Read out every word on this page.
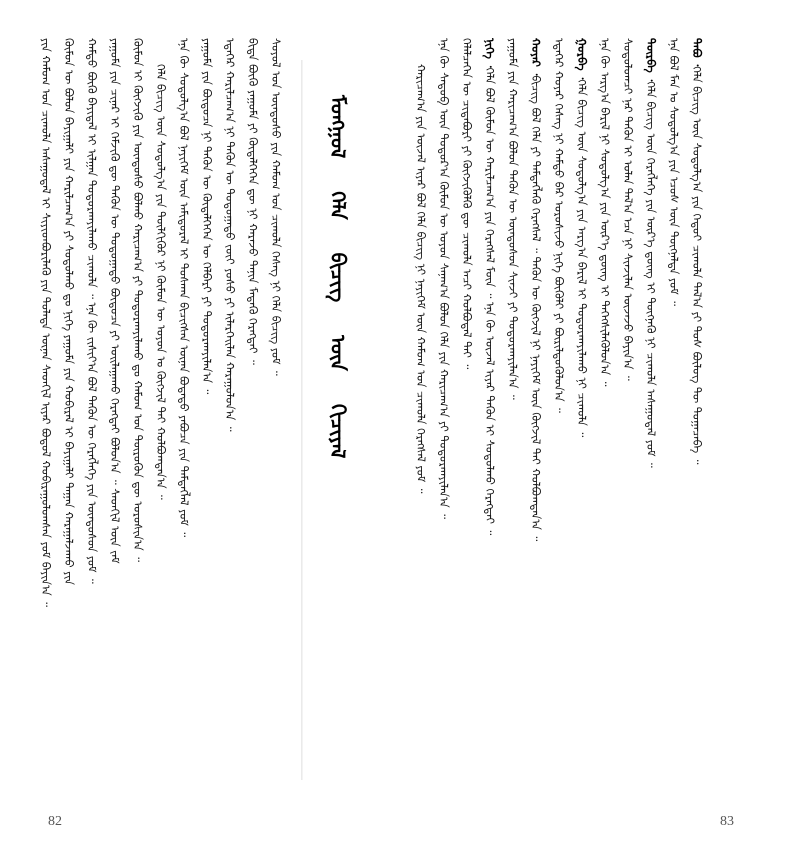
ᠶᠢᠨ ᠬᠠᠮᠤᠭ ᠤᠨ ᠴᠢᠬᠤᠯᠠ ᠠᠰᠠᠭᠤᠳᠠᠯ ᠢ ᠰᠢᠶᠢᠳᠪᠦᠷᠢᠯᠡᠬᠦ ᠶᠢᠨ ᠲᠤᠯᠠᠳᠠ ᠦᠨᠡᠨ ᠰᠡᠳᠬᠢᠯ ᠢᠶᠡᠷ ᠪᠣᠳᠤᠯ ᠬᠤᠪᠢᠷᠠᠭᠤᠯᠤᠭᠰᠠᠨ ᠶᠤᠮ ᠪᠠᠶᠢᠨ᠎ᠠ ᠃ ᠬᠦᠮᠦᠨ ᠦ ᠪᠣᠯᠤᠨ ᠪᠠᠶᠢᠭᠠᠯᠢ ᠶᠢᠨ ᠬᠠᠷᠢᠯᠴᠠᠭ᠎ᠠ ᠶᠢ ᠰᠤᠳᠤᠯᠬᠤ ᠳᠤ ᠨᠢᠭᠡ ᠶᠠᠭᠤᠮᠠ ᠶᠢᠨ ᠬᠤᠪᠢᠷᠠᠯ ᠢ ᠪᠠᠶᠢᠭᠠᠯᠢ ᠳᠠᠭᠠᠨ ᠬᠠᠷᠠᠭᠠᠯᠵᠠᠬᠤ ᠶᠢᠨ ᠬᠠᠮᠲᠤ ᠪᠦᠬᠦ ᠪᠠᠶᠢᠳᠠᠯ ᠢ ᠢᠯᠭᠠᠨ ᠲᠣᠳᠤᠷᠬᠠᠶᠢᠯᠠᠬᠤ ᠴᠢᠬᠤᠯᠠ ᠃ ᠡᠨᠡ ᠬᠦ ᠵᠢᠱᠢᠶ᠎ᠠ ᠪᠣᠯ ᠲᠡᠭᠦᠨ ᠦ ᠬᠡᠷᠡᠭᠯᠡᠭᠡ ᠶᠢᠨ ᠦᠨᠳᠦᠰᠦᠨ ᠶᠤᠮ ᠃ ᠶᠠᠭᠤᠮᠠ ᠶᠢᠨ ᠴᠢᠨᠠᠷ ᠢ ᠬᠡᠮᠵᠢᠬᠦ ᠳᠦ ᠲᠡᠭᠦᠨ ᠦ ᠳᠣᠲᠣᠭᠠᠳᠤ ᠪᠦᠲᠦᠴᠡ ᠶᠢ ᠣᠢᠯᠠᠭᠠᠬᠤ ᠬᠡᠷᠡᠭᠲᠡᠢ ᠪᠣᠯᠤᠨ᠎ᠠ ᠃ ᠰᠡᠳᠬᠢᠯ ᠦᠨ ᠵᠠᠮ ᠬᠦᠮᠦᠨ ᠢ ᠬᠥᠭᠵᠢᠬᠦ ᠶᠢᠨ ᠦᠨᠳᠦᠰᠦ ᠪᠣᠯᠬᠤ ᠬᠠᠷᠢᠴᠠᠭ᠎ᠠ ᠶᠢ ᠲᠣᠳᠤᠷᠬᠠᠶᠢᠯᠠᠬᠤ ᠳᠤ ᠬᠠᠮᠤᠭ ᠤᠨ ᠲᠦᠷᠦᠭᠦᠨ ᠳᠦ ᠣᠷᠣᠰᠢᠨ᠎ᠠ ᠃ ᠬᠡᠯᠡ ᠪᠢᠴᠢᠭ ᠦᠨ ᠰᠤᠳᠤᠯᠭ᠎ᠠ ᠶᠢᠨ ᠲᠦᠯᠬᠢᠭᠦᠷ ᠨᠢ ᠬᠦᠮᠦᠨ ᠦ ᠣᠶᠤᠨ ᠤ ᠬᠥᠭᠵᠢᠯ ᠲᠡᠢ ᠬᠣᠯᠪᠣᠭᠳᠠᠨ᠎ᠠ ᠃ ᠡᠨᠡ ᠬᠦ ᠰᠤᠳᠤᠯᠭ᠎ᠠ ᠪᠣᠯ ᠨᠡᠶᠢᠭᠡᠮ ᠦᠨ ᠠᠮᠢᠳᠤᠷᠠᠯ ᠢ ᠲᠤᠰᠬᠠᠨ ᠪᠢᠴᠢᠭᠰᠡᠨ ᠦᠨᠡᠨ ᠪᠣᠳᠠᠲᠤ ᠶᠠᠪᠤᠴᠠ ᠶᠢᠨ ᠲᠡᠮᠳᠡᠭᠯᠡᠯ ᠶᠤᠮ ᠃ ᠶᠠᠭᠤᠮᠠ ᠶᠢᠨ ᠪᠦᠲᠦᠴᠡ ᠨᠢ ᠲᠡᠭᠦᠨ ᠦ ᠬᠥᠳᠡᠯᠭᠡᠭᠡᠨ ᠦ ᠬᠡᠯᠪᠡᠷᠢ ᠶᠢ ᠲᠣᠳᠤᠷᠬᠠᠶᠢᠯᠠᠨ᠎ᠠ ᠃ ᠡᠳᠡᠭᠡᠷ ᠬᠠᠷᠢᠯᠴᠠᠭ᠎ᠠ ᠨᠢ ᠲᠡᠭᠦᠨ ᠦ ᠳᠣᠲᠣᠭᠠᠳᠤ ᠵᠦᠢ ᠶᠣᠰᠤ ᠶᠢ ᠢᠯᠡᠷᠬᠡᠢᠯᠡᠨ ᠬᠠᠷᠠᠭᠤᠯᠤᠨ᠎ᠠ ᠃ ᠪᠢᠳᠡ ᠪᠦᠬᠦ ᠶᠠᠭᠤᠮᠠ ᠶᠢ ᠬᠥᠳᠡᠯᠭᠡᠭᠡᠨ ᠳᠦ ᠨᠢ ᠬᠠᠷᠠᠵᠤ ᠲᠠᠨᠢᠨ ᠮᠡᠳᠡᠬᠦ ᠬᠡᠷᠡᠭᠲᠡᠢ ᠃ ᠰᠣᠶᠣᠯ ᠤᠨ ᠦᠨᠳᠦᠰᠦ ᠶᠢᠨ ᠬᠠᠮᠤᠭ ᠤᠨ ᠴᠢᠬᠤᠯᠠ ᠬᠡᠰᠡᠭ ᠨᠢ ᠬᠡᠯᠡ ᠪᠢᠴᠢᠭ ᠶᠤᠮ ᠃
82
ᠮᠣᠩᠭᠣᠯ ᠬᠡᠯᠡ ᠪᠢᠴᠢᠭ ᠦᠨ ᠬᠢᠴᠢᠶᠡᠯ	ᠬᠠᠷᠢᠴᠠᠭ᠎ᠠ ᠶᠢᠨ ᠦᠵᠡᠯ ᠢᠶᠡᠷ ᠪᠣᠯ ᠬᠡᠯᠡ ᠪᠢᠴᠢᠭ ᠨᠢ ᠨᠡᠶᠢᠭᠡᠮ ᠦᠨ ᠬᠠᠮᠤᠭ ᠤᠨ ᠴᠢᠬᠤᠯᠠ ᠬᠡᠷᠡᠭᠰᠡᠯ ᠶᠤᠮ ᠃ ᠡᠨᠡ ᠬᠦ ᠰᠡᠳᠦᠪ ᠦᠨ ᠳᠣᠲᠣᠷ᠎ᠠ ᠬᠦᠮᠦᠨ ᠦ ᠣᠶᠤᠨ ᠰᠠᠨᠠᠭ᠎ᠠ ᠪᠣᠯᠤᠨ ᠬᠡᠯᠡ ᠶᠢᠨ ᠬᠠᠷᠢᠴᠠᠭ᠎ᠠ ᠶᠢ ᠲᠣᠳᠤᠷᠬᠠᠶᠢᠯᠠᠨ᠎ᠠ ᠃ ᠬᠡᠯᠡᠯᠴᠡᠭᠡᠨ ᠦ ᠴᠢᠳᠠᠪᠤᠷᠢ ᠶᠢ ᠬᠥᠭᠵᠢᠭᠦᠯᠬᠦ ᠳᠦ ᠴᠢᠬᠤᠯᠠ ᠠᠴᠢ ᠬᠣᠯᠪᠣᠳᠠᠯ ᠲᠠᠢ ᠃ ᠨᠢᠭᠡ ᠂ᠬᠡᠯᠡ ᠪᠣᠯ ᠬᠦᠮᠦᠨ ᠦ ᠬᠠᠷᠢᠯᠴᠠᠭ᠎ᠠ ᠶᠢᠨ ᠬᠡᠷᠡᠭᠰᠡᠯ ᠮᠥᠨ ᠃ ᠡᠨᠡ ᠬᠦ ᠦᠵᠡᠯ ᠢᠶᠡᠷ ᠲᠡᠭᠦᠨ ᠢ ᠰᠤᠳᠤᠯᠬᠤ ᠬᠡᠷᠡᠭᠲᠡᠢ ᠃ ᠶᠠᠭᠤᠮᠠ ᠶᠢᠨ ᠬᠠᠷᠢᠴᠠᠭ᠎ᠠ ᠪᠣᠯᠤᠨ ᠲᠡᠭᠦᠨ ᠦ ᠦᠨᠳᠦᠰᠦᠨ ᠰᠢᠨᠵᠢ ᠶᠢ ᠲᠣᠳᠤᠷᠬᠠᠶᠢᠯᠠᠨ᠎ᠠ ᠃ ᠬᠣᠶᠠᠷ ᠂ᠪᠢᠴᠢᠭ ᠪᠣᠯ ᠬᠡᠯᠡ ᠶᠢ ᠲᠡᠮᠳᠡᠭᠯᠡᠬᠦ ᠬᠡᠷᠡᠭᠰᠡᠯ ᠃ ᠲᠡᠭᠦᠨ ᠦ ᠬᠥᠭᠵᠢᠯ ᠨᠢ ᠨᠡᠶᠢᠭᠡᠮ ᠦᠨ ᠬᠥᠭᠵᠢᠯ ᠲᠡᠢ ᠬᠣᠯᠪᠣᠭᠳᠠᠨ᠎ᠠ ᠃ ᠡᠳᠡᠭᠡᠷ ᠬᠣᠶᠠᠷ ᠬᠡᠰᠡᠭ ᠨᠢ ᠬᠠᠮᠲᠤ ᠪᠡᠷ ᠣᠷᠣᠰᠢᠵᠤ ᠨᠢᠭᠡ ᠪᠦᠬᠦᠯᠢ ᠶᠢ ᠪᠦᠷᠢᠯᠳᠦᠭᠦᠯᠦᠨ᠎ᠠ ᠃ ᠭᠤᠷᠪᠠ ᠂ᠬᠡᠯᠡ ᠪᠢᠴᠢᠭ ᠦᠨ ᠰᠤᠳᠤᠯᠭ᠎ᠠ ᠶᠢᠨ ᠠᠷᠭ᠎ᠠ ᠪᠠᠷᠢᠯ ᠢ ᠲᠣᠳᠤᠷᠬᠠᠶᠢᠯᠠᠬᠤ ᠨᠢ ᠴᠢᠬᠤᠯᠠ ᠃ ᠡᠨᠡ ᠬᠦ ᠠᠷᠭ᠎ᠠ ᠪᠠᠷᠢᠯ ᠨᠢ ᠰᠤᠳᠤᠯᠭ᠎ᠠ ᠶᠢᠨ ᠦᠷ᠎ᠡ ᠳ᠋ᠦᠩ ᠢ ᠳᠡᠭᠡᠭᠰᠢᠯᠡᠭᠦᠯᠦᠨ᠎ᠠ ᠃ ᠰᠤᠳᠤᠯᠤᠭᠴᠢ ᠨᠠᠷ ᠲᠡᠭᠦᠨ ᠢ ᠣᠯᠠᠨ ᠲᠠᠯ᠎ᠠ ᠡᠴᠡ ᠨᠢ ᠰᠢᠨᠵᠢᠯᠡᠨ ᠦᠵᠡᠵᠦ ᠪᠠᠶᠢᠨ᠎ᠠ ᠃ ᠳᠥᠷᠪᠡ ᠂ᠬᠡᠯᠡ ᠪᠢᠴᠢᠭ ᠦᠨ ᠬᠡᠷᠡᠭᠯᠡᠭᠡ ᠶᠢᠨ ᠦᠷ᠎ᠡ ᠳ᠋ᠦᠩ ᠢ ᠳᠦᠭᠨᠡᠬᠦ ᠨᠢ ᠴᠢᠬᠤᠯᠠ ᠠᠰᠠᠭᠤᠳᠠᠯ ᠶᠤᠮ ᠃ ᠡᠨᠡ ᠪᠣᠯ ᠮᠠᠨ ᠤ ᠰᠤᠳᠤᠯᠭ᠎ᠠ ᠶᠢᠨ ᠡᠴᠦᠰ ᠦᠨ ᠳᠦᠭᠨᠡᠯᠲᠡ ᠶᠤᠮ ᠃ ᠲᠠᠪᠤ ᠂ᠬᠡᠯᠡ ᠪᠢᠴᠢᠭ ᠦᠨ ᠰᠤᠳᠤᠯᠭ᠎ᠠ ᠶᠢᠨ ᠬᠡᠳᠦᠢ ᠴᠢᠬᠤᠯᠠ ᠲᠠᠯ᠎ᠠ ᠶᠢ ᠲᠤᠰ ᠪᠦᠯᠦᠭ ᠲᠦ ᠲᠣᠭᠠᠴᠠᠪᠠ ᠃
83
